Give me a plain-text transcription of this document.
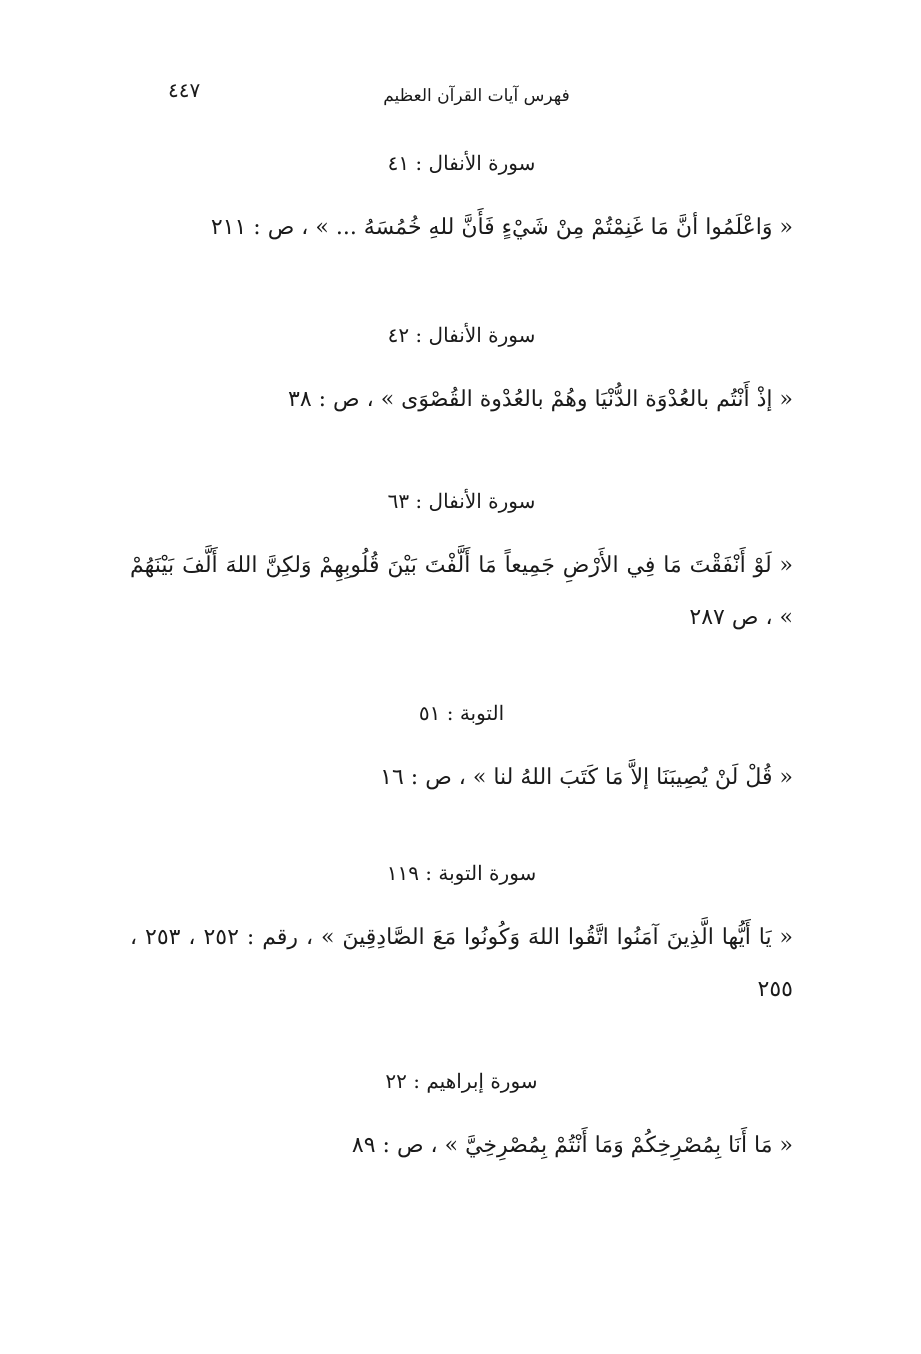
فهرس آيات القرآن العظيم
٤٤٧
سورة الأنفال : ٤١
« وَاعْلَمُوا أنَّ مَا غَنِمْتُمْ مِنْ شَيْءٍ فَأَنَّ للهِ خُمُسَهُ ... » ، ص : ٢١١
سورة الأنفال : ٤٢
« إذْ أَنْتُم بالعُدْوَة الدُّنْيَا وهُمْ بالعُدْوة القُصْوَى » ، ص : ٣٨
سورة الأنفال : ٦٣
« لَوْ أَنْفَقْتَ مَا فِي الأَرْضِ جَمِيعاً مَا أَلَّفْتَ بَيْنَ قُلُوبِهِمْ وَلكِنَّ اللهَ أَلَّفَ بَيْنَهُمْ » ، ص ٢٨٧
التوبة : ٥١
« قُلْ لَنْ يُصِيبَنَا إلاَّ مَا كَتَبَ اللهُ لنا » ، ص : ١٦
سورة التوبة : ١١٩
« يَا أَيُّها الَّذِينَ آمَنُوا اتَّقُوا اللهَ وَكُونُوا مَعَ الصَّادِقِينَ » ، رقم : ٢٥٢ ، ٢٥٣ ، ٢٥٥
سورة إبراهيم : ٢٢
« مَا أَنَا بِمُصْرِخِكُمْ وَمَا أَنْتُمْ بِمُصْرِخِيَّ » ، ص : ٨٩
